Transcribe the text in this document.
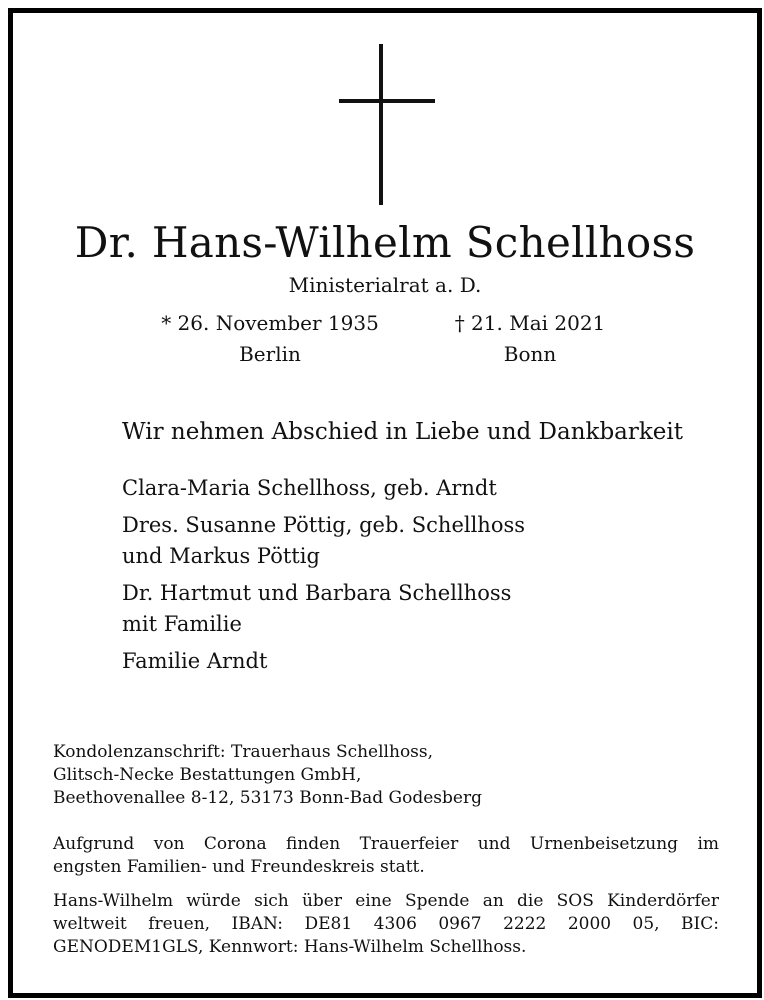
Dr. Hans-Wilhelm Schellhoss
Ministerialrat a. D.
* 26. November 1935
Berlin
† 21. Mai 2021
Bonn
Wir nehmen Abschied in Liebe und Dankbarkeit
Clara-Maria Schellhoss, geb. Arndt
Dres. Susanne Pöttig, geb. Schellhoss
und Markus Pöttig
Dr. Hartmut und Barbara Schellhoss
mit Familie
Familie Arndt

Kondolenzanschrift: Trauerhaus Schellhoss,

Glitsch-Necke Bestattungen GmbH,

Beethovenallee 8-12, 53173 Bonn-Bad Godesberg

Aufgrund von Corona finden Trauerfeier und Urnenbeisetzung im
engsten Familien- und Freundeskreis statt.
Hans-Wilhelm würde sich über eine Spende an die SOS Kinderdörfer
weltweit freuen, IBAN: DE81 4306 0967 2222 2000 05, BIC:
GENODEM1GLS, Kennwort: Hans-Wilhelm Schellhoss.
